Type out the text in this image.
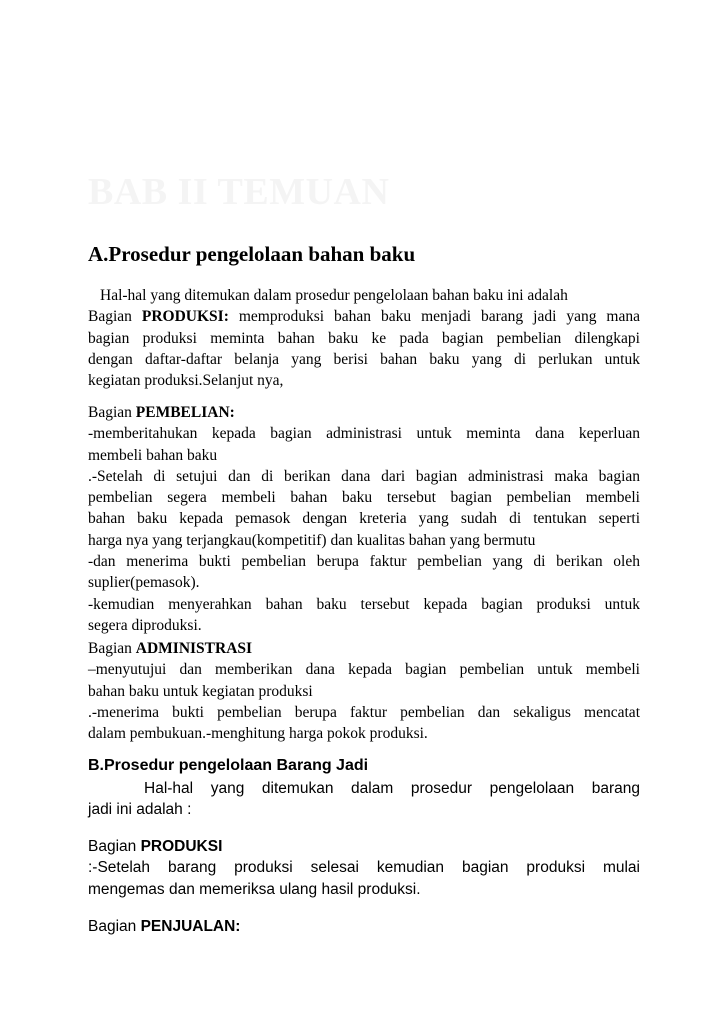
BAB II TEMUAN
A.Prosedur pengelolaan bahan baku
Hal-hal yang ditemukan dalam prosedur pengelolaan bahan baku ini adalah
Bagian PRODUKSI: memproduksi bahan baku menjadi barang jadi yang mana
bagian produksi meminta bahan baku ke pada bagian pembelian dilengkapi
dengan daftar-daftar belanja yang berisi bahan baku yang di perlukan untuk
kegiatan produksi.Selanjut nya,
Bagian PEMBELIAN:
-memberitahukan kepada bagian administrasi untuk meminta dana keperluan
membeli bahan baku
.-Setelah di setujui dan di berikan dana dari bagian administrasi maka bagian
pembelian segera membeli bahan baku tersebut bagian pembelian membeli
bahan baku kepada pemasok dengan kreteria yang sudah di tentukan seperti
harga nya yang terjangkau(kompetitif) dan kualitas bahan yang bermutu
-dan menerima bukti pembelian berupa faktur pembelian yang di berikan oleh
suplier(pemasok).
-kemudian menyerahkan bahan baku tersebut kepada bagian produksi untuk
segera diproduksi.
Bagian ADMINISTRASI
–menyutujui dan memberikan dana kepada bagian pembelian untuk membeli
bahan baku untuk kegiatan produksi
.-menerima bukti pembelian berupa faktur pembelian dan sekaligus mencatat
dalam pembukuan.-menghitung harga pokok produksi.
B.Prosedur pengelolaan Barang Jadi
Hal-hal yang ditemukan dalam prosedur pengelolaan barang
jadi ini adalah :
Bagian PRODUKSI
:-Setelah barang produksi selesai kemudian bagian produksi mulai
mengemas dan memeriksa ulang hasil produksi.
Bagian PENJUALAN:
